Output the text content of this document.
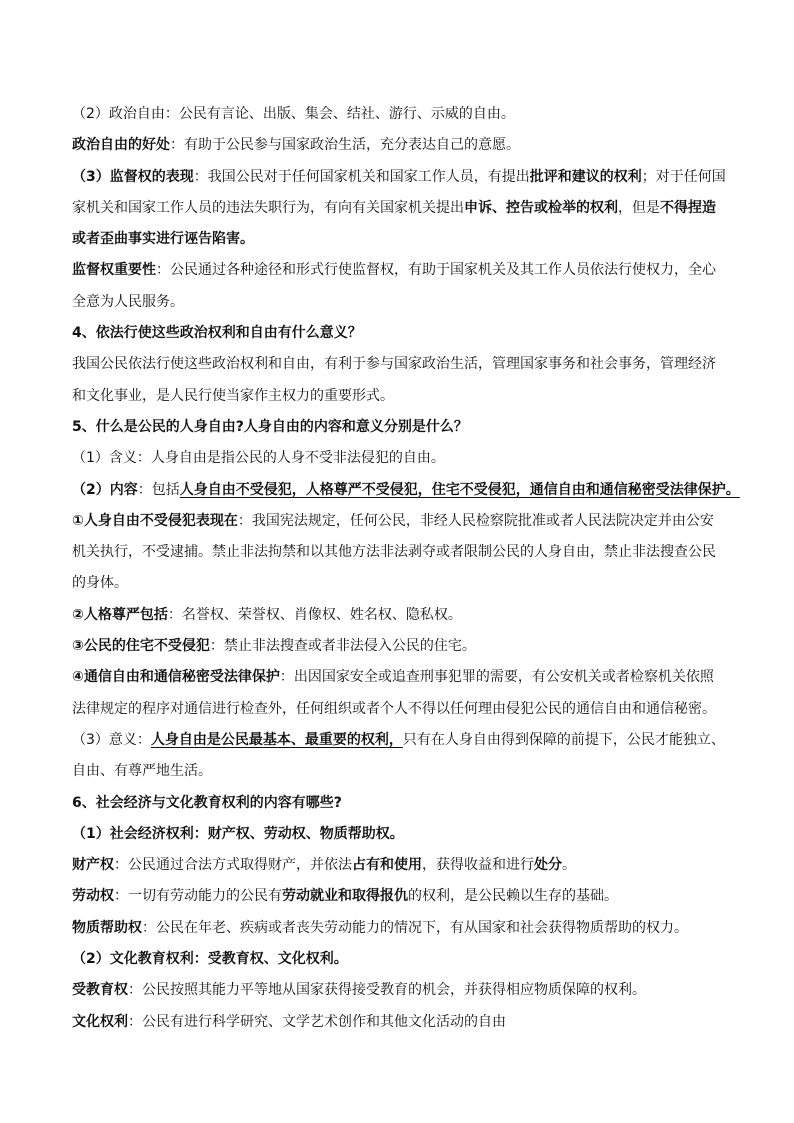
（2）政治自由：公民有言论、出版、集会、结社、游行、示威的自由。
政治自由的好处：有助于公民参与国家政治生活，充分表达自己的意愿。
（3）监督权的表现：我国公民对于任何国家机关和国家工作人员，有提出批评和建议的权利；对于任何国
家机关和国家工作人员的违法失职行为，有向有关国家机关提出申诉、控告或检举的权利，但是不得捏造
或者歪曲事实进行诬告陷害。
监督权重要性：公民通过各种途径和形式行使监督权，有助于国家机关及其工作人员依法行使权力，全心
全意为人民服务。
4、依法行使这些政治权利和自由有什么意义？
我国公民依法行使这些政治权利和自由，有利于参与国家政治生活，管理国家事务和社会事务，管理经济
和文化事业，是人民行使当家作主权力的重要形式。
5、什么是公民的人身自由?人身自由的内容和意义分别是什么？
（1）含义：人身自由是指公民的人身不受非法侵犯的自由。
（2）内容：包括人身自由不受侵犯，人格尊严不受侵犯，住宅不受侵犯，通信自由和通信秘密受法律保护。
①人身自由不受侵犯表现在：我国宪法规定，任何公民，非经人民检察院批准或者人民法院决定并由公安
机关执行，不受逮捕。禁止非法拘禁和以其他方法非法剥夺或者限制公民的人身自由，禁止非法搜查公民
的身体。
②人格尊严包括：名誉权、荣誉权、肖像权、姓名权、隐私权。
③公民的住宅不受侵犯：禁止非法搜查或者非法侵入公民的住宅。
④通信自由和通信秘密受法律保护：出因国家安全或追查刑事犯罪的需要，有公安机关或者检察机关依照
法律规定的程序对通信进行检查外，任何组织或者个人不得以任何理由侵犯公民的通信自由和通信秘密。
（3）意义：人身自由是公民最基本、最重要的权利，只有在人身自由得到保障的前提下，公民才能独立、
自由、有尊严地生活。
6、社会经济与文化教育权利的内容有哪些?
（1）社会经济权利：财产权、劳动权、物质帮助权。
财产权：公民通过合法方式取得财产，并依法占有和使用，获得收益和进行处分。
劳动权：一切有劳动能力的公民有劳动就业和取得报仇的权利，是公民赖以生存的基础。
物质帮助权：公民在年老、疾病或者丧失劳动能力的情况下，有从国家和社会获得物质帮助的权力。
（2）文化教育权利：受教育权、文化权利。
受教育权：公民按照其能力平等地从国家获得接受教育的机会，并获得相应物质保障的权利。
文化权利：公民有进行科学研究、文学艺术创作和其他文化活动的自由
